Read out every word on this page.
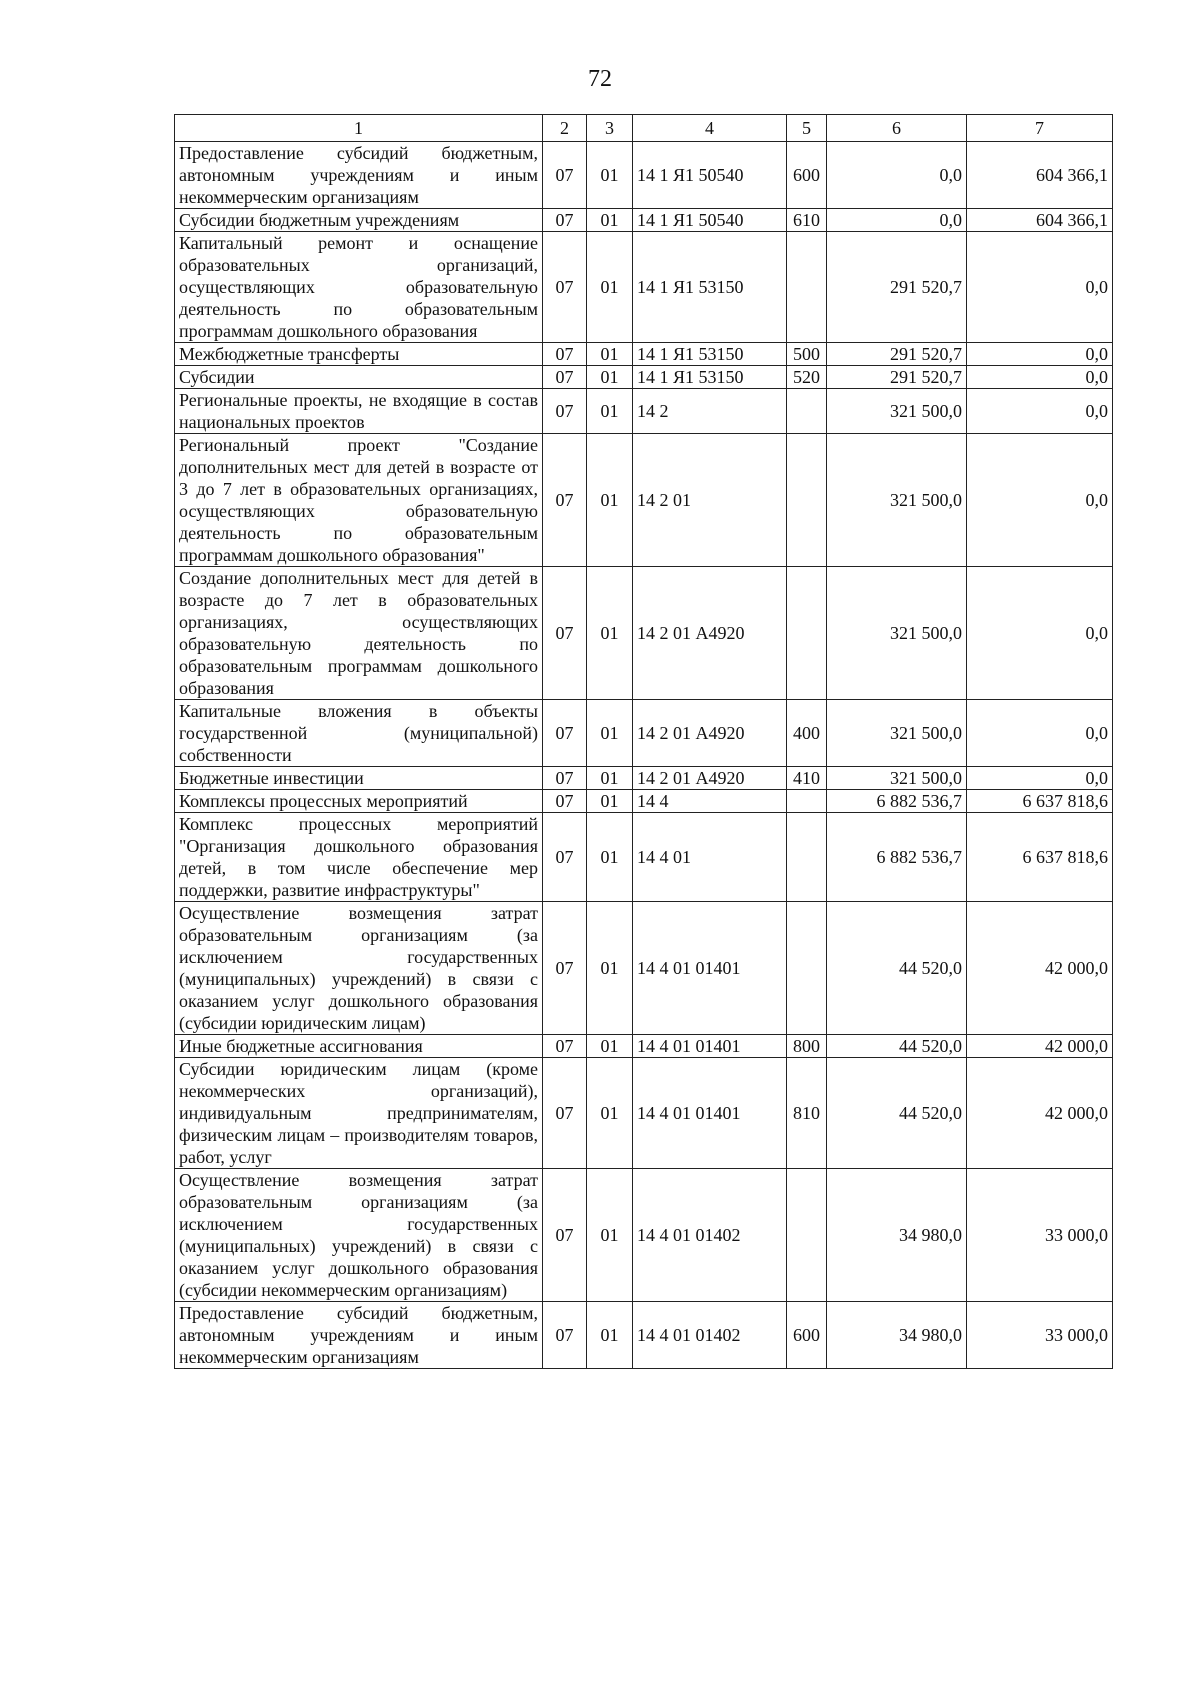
72
1	2	3	4	5	6	7
Предоставление субсидий бюджетным, автономным учреждениям и иным некоммерческим организациям	07	01	14 1 Я1 50540	600	0,0	604 366,1
Субсидии бюджетным учреждениям	07	01	14 1 Я1 50540	610	0,0	604 366,1
Капитальный ремонт и оснащение образовательных организаций, осуществляющих образовательную деятельность по образовательным программам дошкольного образования	07	01	14 1 Я1 53150		291 520,7	0,0
Межбюджетные трансферты	07	01	14 1 Я1 53150	500	291 520,7	0,0
Субсидии	07	01	14 1 Я1 53150	520	291 520,7	0,0
Региональные проекты, не входящие в состав национальных проектов	07	01	14 2		321 500,0	0,0
Региональный проект "Создание дополнительных мест для детей в возрасте от 3 до 7 лет в образовательных организациях, осуществляющих образовательную деятельность по образовательным программам дошкольного образования"	07	01	14 2 01		321 500,0	0,0
Создание дополнительных мест для детей в возрасте до 7 лет в образовательных организациях, осуществляющих образовательную деятельность по образовательным программам дошкольного образования	07	01	14 2 01 А4920		321 500,0	0,0
Капитальные вложения в объекты государственной (муниципальной) собственности	07	01	14 2 01 А4920	400	321 500,0	0,0
Бюджетные инвестиции	07	01	14 2 01 А4920	410	321 500,0	0,0
Комплексы процессных мероприятий	07	01	14 4		6 882 536,7	6 637 818,6
Комплекс процессных мероприятий "Организация дошкольного образования детей, в том числе обеспечение мер поддержки, развитие инфраструктуры"	07	01	14 4 01		6 882 536,7	6 637 818,6
Осуществление возмещения затрат образовательным организациям (за исключением государственных (муниципальных) учреждений) в связи с оказанием услуг дошкольного образования (субсидии юридическим лицам)	07	01	14 4 01 01401		44 520,0	42 000,0
Иные бюджетные ассигнования	07	01	14 4 01 01401	800	44 520,0	42 000,0
Субсидии юридическим лицам (кроме некоммерческих организаций), индивидуальным предпринимателям, физическим лицам – производителям товаров, работ, услуг	07	01	14 4 01 01401	810	44 520,0	42 000,0
Осуществление возмещения затрат образовательным организациям (за исключением государственных (муниципальных) учреждений) в связи с оказанием услуг дошкольного образования (субсидии некоммерческим организациям)	07	01	14 4 01 01402		34 980,0	33 000,0
Предоставление субсидий бюджетным, автономным учреждениям и иным некоммерческим организациям	07	01	14 4 01 01402	600	34 980,0	33 000,0
